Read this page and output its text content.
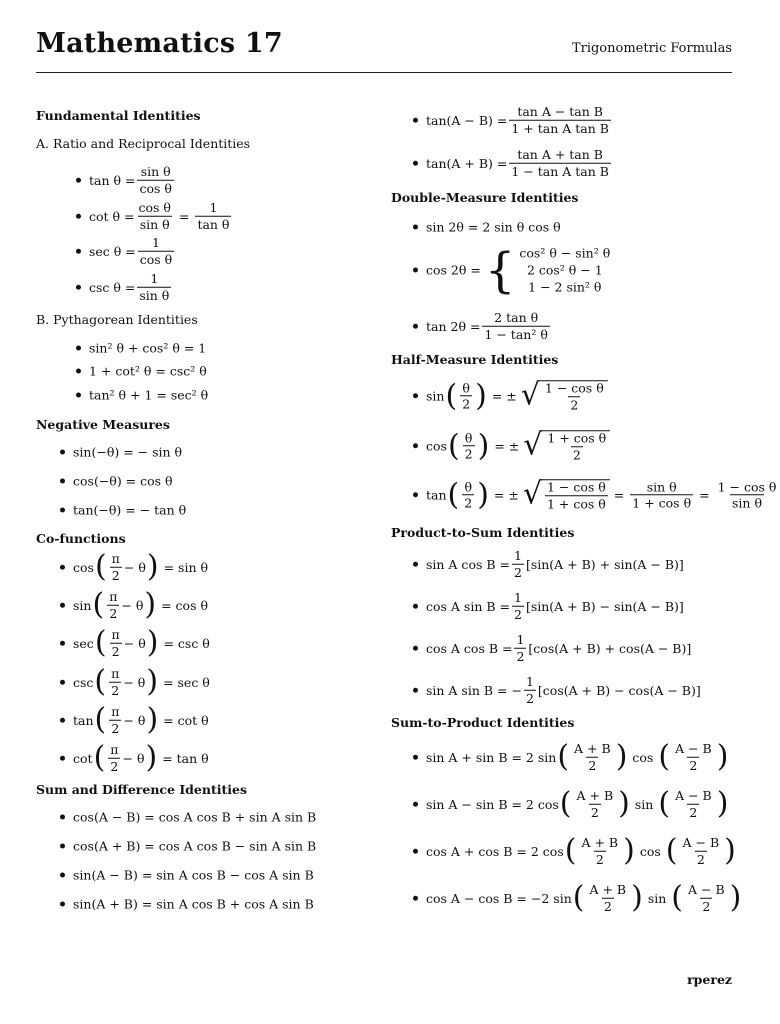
Mathematics 17	Trigonometric Formulas
Fundamental Identities
A. Ratio and Reciprocal Identities
$\tan \theta = \frac{\text{sin θ}}{\text{cos θ}}$
$\cot \theta = \frac{\text{cos θ}}{\text{sin θ}} = \frac{1}{\text{tan θ}}$
$\sec \theta = \frac{1}{\text{cos θ}}$
$\csc \theta = \frac{1}{\text{sin θ}}$
B. Pythagorean Identities
sin² θ + cos² θ = 1
1 + cot² θ = csc² θ
tan² θ + 1 = sec² θ
Negative Measures
sin(−θ) = − sin θ
cos(−θ) = cos θ
tan(−θ) = − tan θ
Co-functions
cos ( $\frac{\pi}{2} - \theta$ ) = sin θ
sin ( $\frac{\pi}{2} - \theta$ ) = cos θ
sec ( $\frac{\pi}{2} - \theta$ ) = csc θ
csc ( $\frac{\pi}{2} - \theta$ ) = sec θ
tan ( $\frac{\pi}{2} - \theta$ ) = cot θ
cot ( $\frac{\pi}{2} - \theta$ ) = tan θ
Sum and Difference Identities
cos(A − B) = cos A cos B + sin A sin B
cos(A + B) = cos A cos B − sin A sin B
sin(A − B) = sin A cos B − cos A sin B
sin(A + B) = sin A cos B + cos A sin B
$\tan(A - B) = \frac{\text{tan A − tan B}}{\text{1 + tan A tan B}}$
$\tan(A + B) = \frac{\text{tan A + tan B}}{\text{1 − tan A tan B}}$
Double-Measure Identities
sin 2θ = 2 sin θ cos θ
cos 2θ = { cos² θ − sin² θ
2 cos² θ − 1
1 − 2 sin² θ
$\tan 2\theta = \frac{\text{2 tan θ}}{\text{1 − tan² θ}}$
Half-Measure Identities
sin ( $\frac{\theta}{2}$ ) = ± √ $\frac{\text{1 − cos θ}}{2}$
cos ( $\frac{\theta}{2}$ ) = ± √ $\frac{\text{1 + cos θ}}{2}$
tan ( $\frac{\theta}{2}$ ) = ± √ $\frac{\text{1 − cos θ}}{\text{1 + cos θ}} = \frac{\text{sin θ}}{\text{1 + cos θ}} = \frac{\text{1 − cos θ}}{\text{sin θ}}$
Product-to-Sum Identities
sin A $\cos B = \frac{1}{2} [\sin(A + B) + \sin(A - B)]$
cos A $\sin B = \frac{1}{2} [\sin(A + B) - \sin(A - B)]$
cos A $\cos B = \frac{1}{2} [\cos(A + B) + \cos(A - B)]$
sin A sin B = − $\frac{1}{2} [\cos(A + B) - \cos(A - B)]$
Sum-to-Product Identities
sin A + sin B = 2 sin ( $\frac{A + B}{2}$ ) cos ( $\frac{A - B}{2}$ )
sin A − sin B = 2 cos ( $\frac{A + B}{2}$ ) sin ( $\frac{A - B}{2}$ )
cos A + cos B = 2 cos ( $\frac{A + B}{2}$ ) cos ( $\frac{A - B}{2}$ )
cos A − cos B = −2 sin ( $\frac{A + B}{2}$ ) sin ( $\frac{A - B}{2}$ )
rperez
